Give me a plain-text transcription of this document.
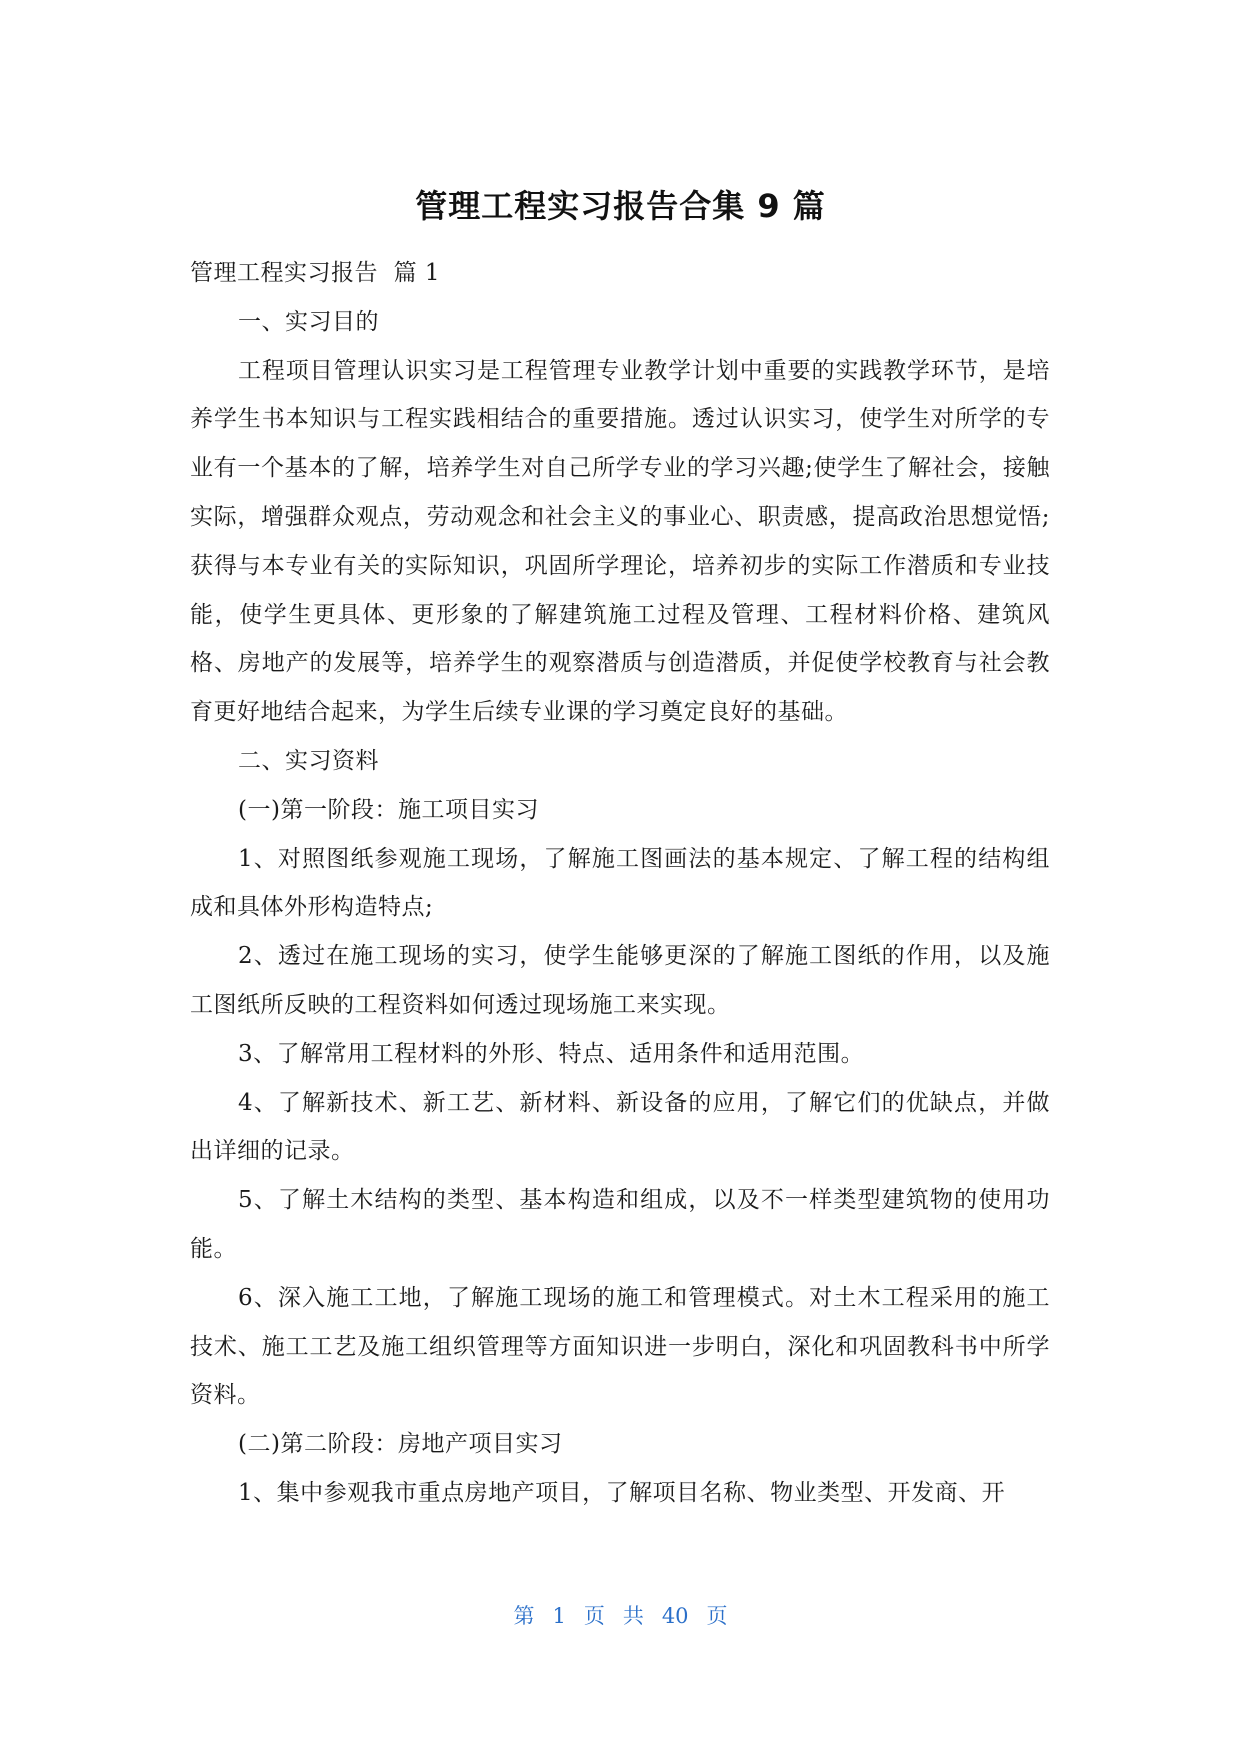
管理工程实习报告合集 9 篇

管理工程实习报告  篇 1

一、实习目的

工程项目管理认识实习是工程管理专业教学计划中重要的实践教学环节，是培养学生书本知识与工程实践相结合的重要措施。透过认识实习，使学生对所学的专业有一个基本的了解，培养学生对自己所学专业的学习兴趣;使学生了解社会，接触实际，增强群众观点，劳动观念和社会主义的事业心、职责感，提高政治思想觉悟;获得与本专业有关的实际知识，巩固所学理论，培养初步的实际工作潜质和专业技能，使学生更具体、更形象的了解建筑施工过程及管理、工程材料价格、建筑风格、房地产的发展等，培养学生的观察潜质与创造潜质，并促使学校教育与社会教育更好地结合起来，为学生后续专业课的学习奠定良好的基础。

二、实习资料

(一)第一阶段：施工项目实习

1、对照图纸参观施工现场，了解施工图画法的基本规定、了解工程的结构组成和具体外形构造特点;

2、透过在施工现场的实习，使学生能够更深的了解施工图纸的作用，以及施工图纸所反映的工程资料如何透过现场施工来实现。

3、了解常用工程材料的外形、特点、适用条件和适用范围。

4、了解新技术、新工艺、新材料、新设备的应用，了解它们的优缺点，并做出详细的记录。

5、了解土木结构的类型、基本构造和组成，以及不一样类型建筑物的使用功能。

6、深入施工工地，了解施工现场的施工和管理模式。对土木工程采用的施工技术、施工工艺及施工组织管理等方面知识进一步明白，深化和巩固教科书中所学资料。

(二)第二阶段：房地产项目实习

1、集中参观我市重点房地产项目，了解项目名称、物业类型、开发商、开

第 1 页 共 40 页
